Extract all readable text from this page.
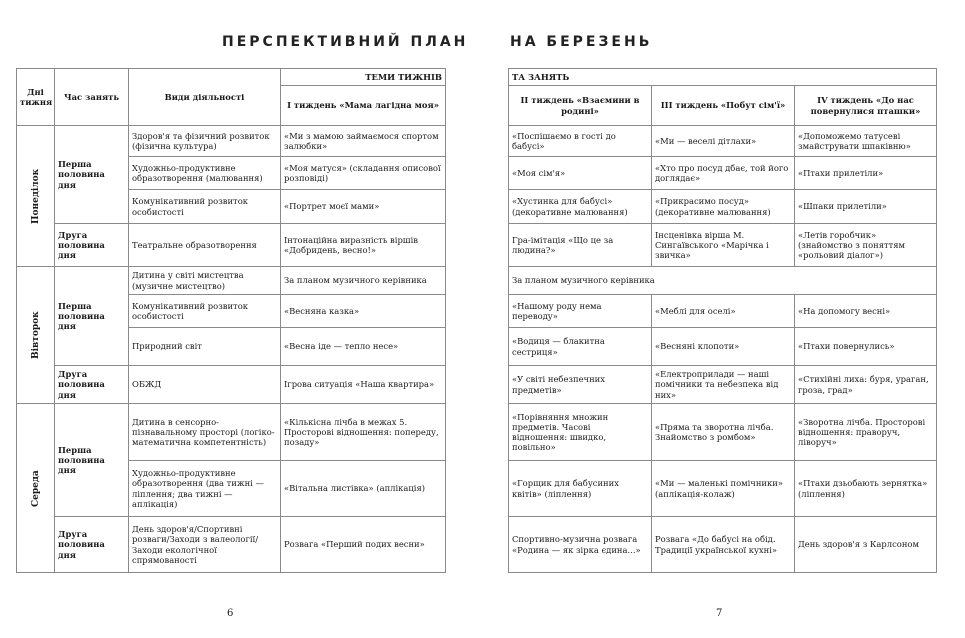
ПЕРСПЕКТИВНИЙ ПЛАН	НА БЕРЕЗЕНЬ
Дні тижня	Час занять	Види діяльності	ТЕМИ ТИЖНІВ
			І тиждень «Мама лагідна моя»
Понеділок	Перша половина дня	Здоров'я та фізичний розвиток (фізична культура)	«Ми з мамою займаємося спортом залюбки»
		Художньо-продуктивне образотворення (малювання)	«Моя матуся» (складання описової розповіді)
		Комунікативний розвиток особистості	«Портрет моєї мами»
	Друга половина дня	Театральне образотворення	Інтонаційна виразність віршів «Добридень, весно!»
Вівторок	Перша половина дня	Дитина у світі мистецтва (музичне мистецтво)	За планом музичного керівника
		Комунікативний розвиток особистості	«Весняна казка»
		Природний світ	«Весна іде — тепло несе»
	Друга половина дня	ОБЖД	Ігрова ситуація «Наша квартира»
Середа	Перша половина дня	Дитина в сенсорно-пізнавальному просторі (логіко-математична компетентність)	«Кількісна лічба в межах 5. Просторові відношення: попереду, позаду»
		Художньо-продуктивне образотворення (два тижні — ліплення; два тижні — аплікація)	«Вітальна листівка» (аплікація)
	Друга половина дня	День здоров'я/Спортивні розваги/Заходи з валеології/Заходи екологічної спрямованості	Розвага «Перший подих весни»
ТА ЗАНЯТЬ		
ІІ тиждень «Взаємини в родині»	ІІІ тиждень «Побут сім'ї»	IV тиждень «До нас повернулися пташки»
«Поспішаємо в гості до бабусі»	«Ми — веселі дітлахи»	«Допоможемо татусеві змайструвати шпаківню»
«Моя сім'я»	«Хто про посуд дбає, той його доглядає»	«Птахи прилетіли»
«Хустинка для бабусі» (декоративне малювання)	«Прикрасимо посуд» (декоративне малювання)	«Шпаки прилетіли»
Гра-імітація «Що це за людина?»	Інсценівка вірша М. Сингаївського «Марічка і звичка»	«Летів горобчик» (знайомство з поняттям «рольовий діалог»)
За планом музичного керівника		
«Нашому роду нема переводу»	«Меблі для оселі»	«На допомогу весні»
«Водиця — блакитна сестриця»	«Весняні клопоти»	«Птахи повернулись»
«У світі небезпечних предметів»	«Електроприлади — наші помічники та небезпека від них»	«Стихійні лиха: буря, ураган, гроза, град»
«Порівняння множин предметів. Часові відношення: швидко, повільно»	«Пряма та зворотна лічба. Знайомство з ромбом»	«Зворотна лічба. Просторові відношення: праворуч, ліворуч»
«Горщик для бабусиних квітів» (ліплення)	«Ми — маленькі помічники» (аплікація-колаж)	«Птахи дзьобають зернятка» (ліплення)
Спортивно-музична розвага «Родина — як зірка єдина...»	Розвага «До бабусі на обід. Традиції української кухні»	День здоров'я з Карлсоном
6	7
